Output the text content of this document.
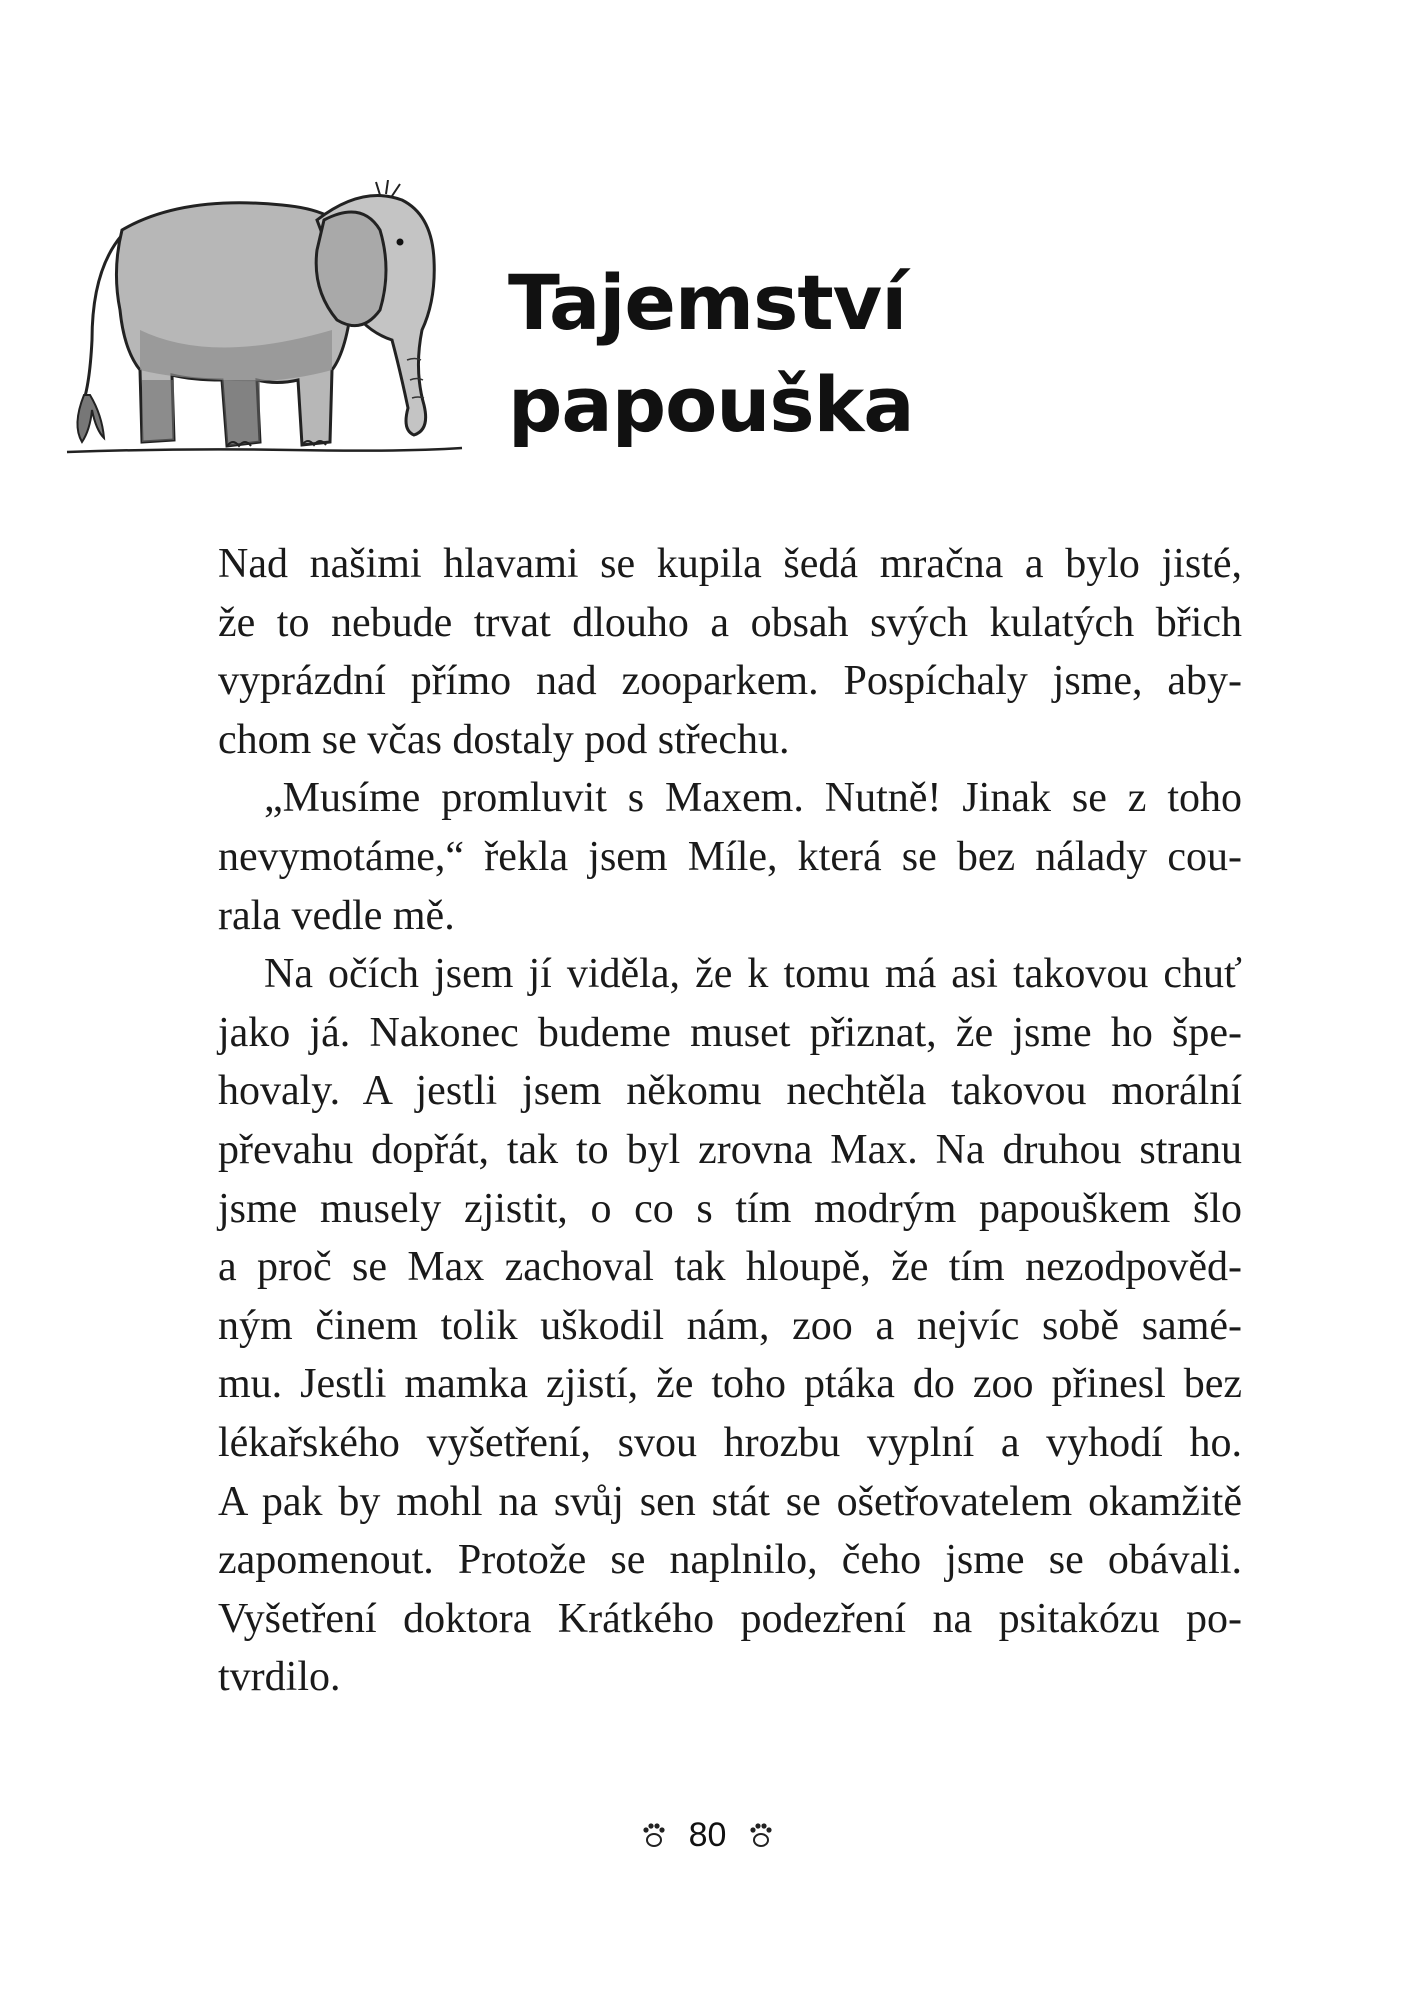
Tajemství
papouška
Nad našimi hlavami se kupila šedá mračna a bylo jisté,
že to nebude trvat dlouho a obsah svých kulatých břich
vyprázdní přímo nad zooparkem. Pospíchaly jsme, aby-
chom se včas dostaly pod střechu.
„Musíme promluvit s Maxem. Nutně! Jinak se z toho
nevymotáme,“ řekla jsem Míle, která se bez nálady cou-
rala vedle mě.
Na očích jsem jí viděla, že k tomu má asi takovou chuť
jako já. Nakonec budeme muset přiznat, že jsme ho špe-
hovaly. A jestli jsem někomu nechtěla takovou morální
převahu dopřát, tak to byl zrovna Max. Na druhou stranu
jsme musely zjistit, o co s tím modrým papouškem šlo
a proč se Max zachoval tak hloupě, že tím nezodpověd-
ným činem tolik uškodil nám, zoo a nejvíc sobě samé-
mu. Jestli mamka zjistí, že toho ptáka do zoo přinesl bez
lékařského vyšetření, svou hrozbu vyplní a vyhodí ho.
A pak by mohl na svůj sen stát se ošetřovatelem okamžitě
zapomenout. Protože se naplnilo, čeho jsme se obávali.
Vyšetření doktora Krátkého podezření na psitakózu po-
tvrdilo.
80
